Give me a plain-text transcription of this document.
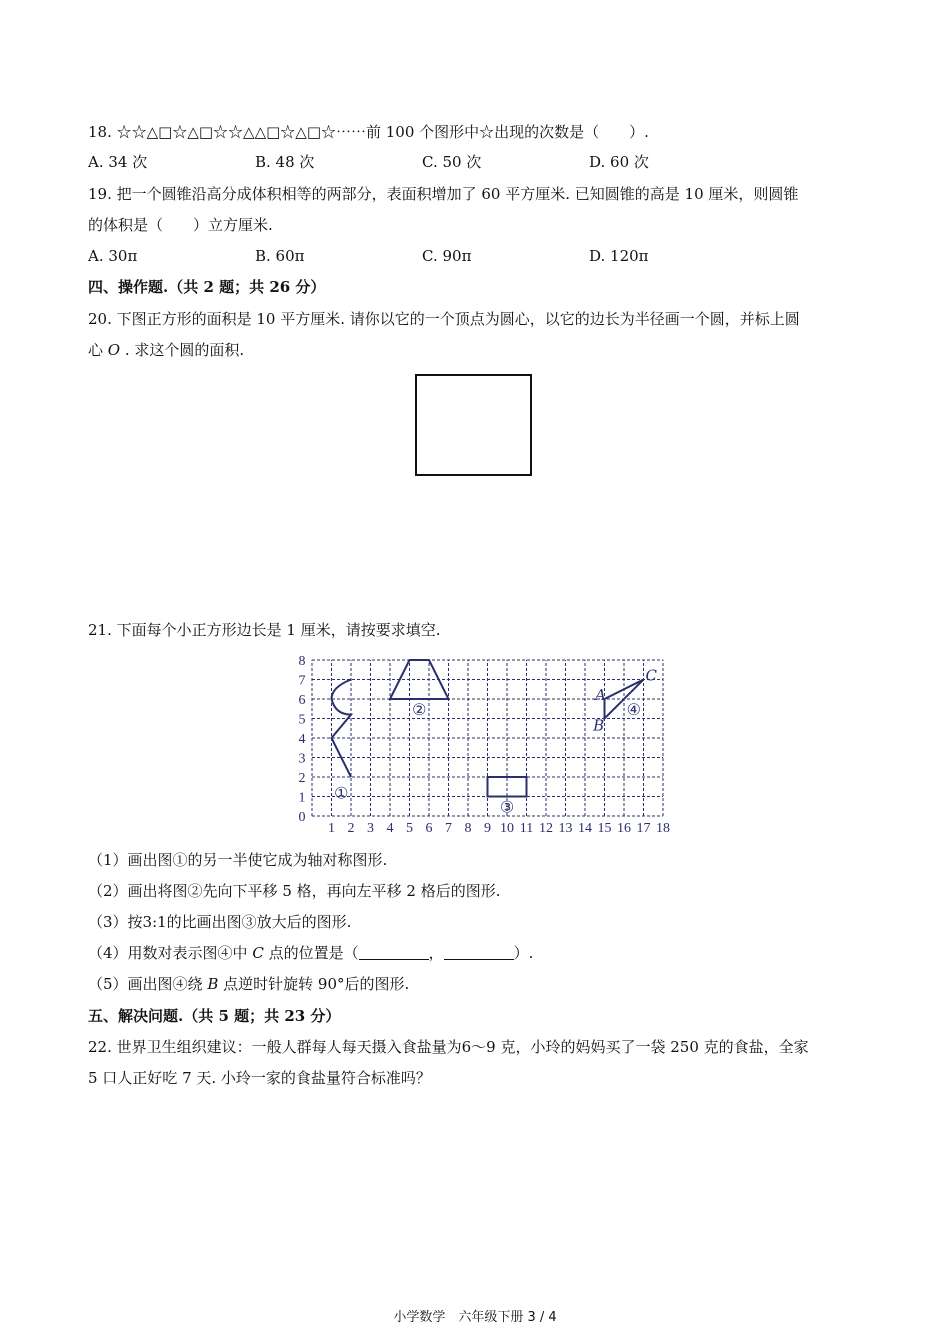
18. ☆☆△□☆△□☆☆△△□☆△□☆⋯⋯前 100 个图形中☆出现的次数是（　　）.
A. 34 次	B. 48 次	C. 50 次	D. 60 次
19. 把一个圆锥沿高分成体积相等的两部分，表面积增加了 60 平方厘米. 已知圆锥的高是 10 厘米，则圆锥
的体积是（　　）立方厘米.
A. 30π	B. 60π	C. 90π	D. 120π
四、操作题.（共 2 题；共 26 分）
20. 下图正方形的面积是 10 平方厘米. 请你以它的一个顶点为圆心，以它的边长为半径画一个圆，并标上圆
心 O . 求这个圆的面积.
21. 下面每个小正方形边长是 1 厘米，请按要求填空.
1 2 3 4 5 6 7 8 9 10 11 12 13 14 15 16 17 18
0
1
2
3
4
5
6
7
8
①
②
③
④
A
B
C
（1）画出图①的另一半使它成为轴对称图形.
（2）画出将图②先向下平移 5 格，再向左平移 2 格后的图形.
（3）按3:1的比画出图③放大后的图形.
（4）用数对表示图④中 C 点的位置是（	，	）.
（5）画出图④绕 B 点逆时针旋转 90°后的图形.
五、解决问题.（共 5 题；共 23 分）
22. 世界卫生组织建议：一般人群每人每天摄入食盐量为6～9 克，小玲的妈妈买了一袋 250 克的食盐，全家
5 口人正好吃 7 天. 小玲一家的食盐量符合标准吗？
小学数学　六年级下册 3 / 4
